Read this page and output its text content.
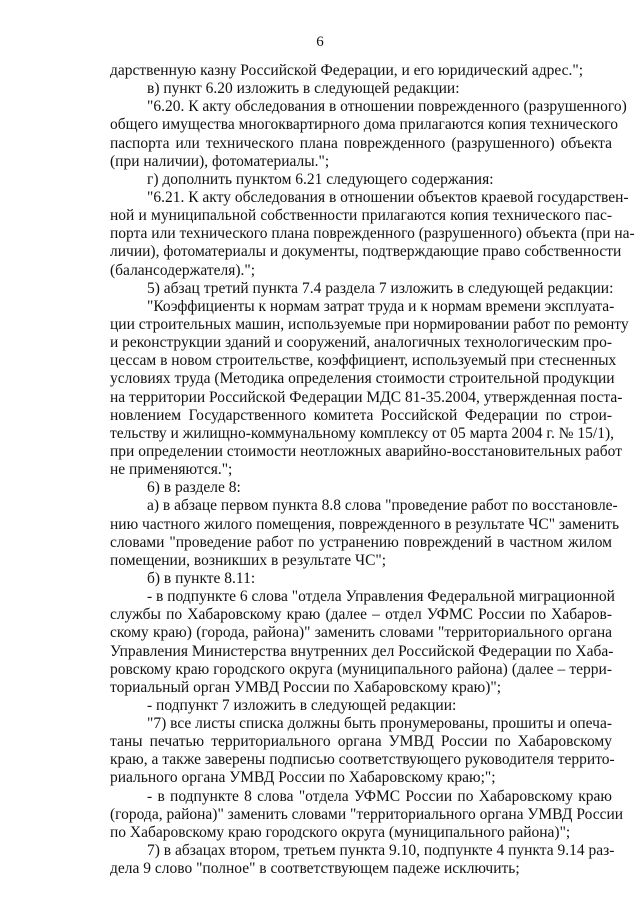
6
дарственную казну Российской Федерации, и его юридический адрес.";
в) пункт 6.20 изложить в следующей редакции:
"6.20. К акту обследования в отношении поврежденного (разрушенного)
общего имущества многоквартирного дома прилагаются копия технического
паспорта или технического плана поврежденного (разрушенного) объекта
(при наличии), фотоматериалы.";
г) дополнить пунктом 6.21 следующего содержания:
"6.21. К акту обследования в отношении объектов краевой государствен-
ной и муниципальной собственности прилагаются копия технического пас-
порта или технического плана поврежденного (разрушенного) объекта (при на-
личии), фотоматериалы и документы, подтверждающие право собственности
(балансодержателя).";
5) абзац третий пункта 7.4 раздела 7 изложить в следующей редакции:
"Коэффициенты к нормам затрат труда и к нормам времени эксплуата-
ции строительных машин, используемые при нормировании работ по ремонту
и реконструкции зданий и сооружений, аналогичных технологическим про-
цессам в новом строительстве, коэффициент, используемый при стесненных
условиях труда (Методика определения стоимости строительной продукции
на территории Российской Федерации МДС 81-35.2004, утвержденная поста-
новлением Государственного комитета Российской Федерации по строи-
тельству и жилищно-коммунальному комплексу от 05 марта 2004 г. № 15/1),
при определении стоимости неотложных аварийно-восстановительных работ
не применяются.";
6) в разделе 8:
а) в абзаце первом пункта 8.8 слова "проведение работ по восстановле-
нию частного жилого помещения, поврежденного в результате ЧС" заменить
словами "проведение работ по устранению повреждений в частном жилом
помещении, возникших в результате ЧС";
б) в пункте 8.11:
- в подпункте 6 слова "отдела Управления Федеральной миграционной
службы по Хабаровскому краю (далее – отдел УФМС России по Хабаров-
скому краю) (города, района)" заменить словами "территориального органа
Управления Министерства внутренних дел Российской Федерации по Хаба-
ровскому краю городского округа (муниципального района) (далее – терри-
ториальный орган УМВД России по Хабаровскому краю)";
- подпункт 7 изложить в следующей редакции:
"7) все листы списка должны быть пронумерованы, прошиты и опеча-
таны печатью территориального органа УМВД России по Хабаровскому
краю, а также заверены подписью соответствующего руководителя террито-
риального органа УМВД России по Хабаровскому краю;";
- в подпункте 8 слова "отдела УФМС России по Хабаровскому краю
(города, района)" заменить словами "территориального органа УМВД России
по Хабаровскому краю городского округа (муниципального района)";
7) в абзацах втором, третьем пункта 9.10, подпункте 4 пункта 9.14 раз-
дела 9 слово "полное" в соответствующем падеже исключить;
